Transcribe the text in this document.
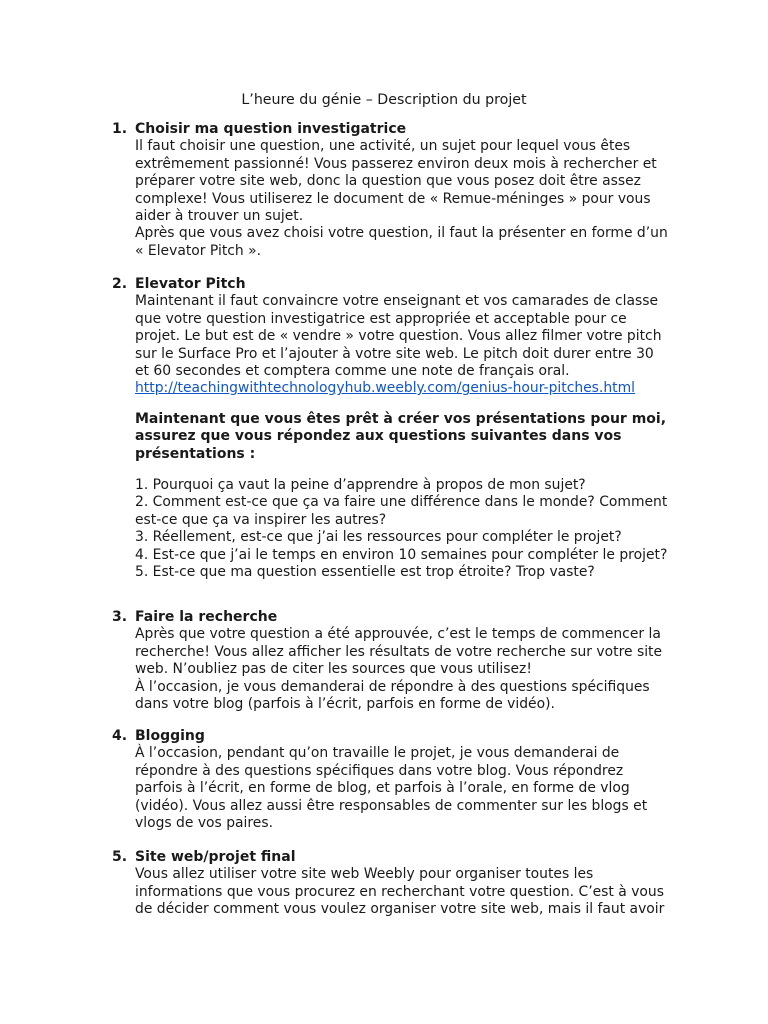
L’heure du génie – Description du projet
1. Choisir ma question investigatrice
Il faut choisir une question, une activité, un sujet pour lequel vous êtes extrêmement passionné! Vous passerez environ deux mois à rechercher et préparer votre site web, donc la question que vous posez doit être assez complexe! Vous utiliserez le document de « Remue-méninges » pour vous aider à trouver un sujet.
Après que vous avez choisi votre question, il faut la présenter en forme d’un « Elevator Pitch ».
2. Elevator Pitch
Maintenant il faut convaincre votre enseignant et vos camarades de classe que votre question investigatrice est appropriée et acceptable pour ce projet. Le but est de « vendre » votre question. Vous allez filmer votre pitch sur le Surface Pro et l’ajouter à votre site web. Le pitch doit durer entre 30 et 60 secondes et comptera comme une note de français oral.
http://teachingwithtechnologyhub.weebly.com/genius-hour-pitches.html
Maintenant que vous êtes prêt à créer vos présentations pour moi, assurez que vous répondez aux questions suivantes dans vos présentations :
1. Pourquoi ça vaut la peine d’apprendre à propos de mon sujet?
2. Comment est-ce que ça va faire une différence dans le monde? Comment est-ce que ça va inspirer les autres?
3. Réellement, est-ce que j’ai les ressources pour compléter le projet?
4. Est-ce que j’ai le temps en environ 10 semaines pour compléter le projet?
5. Est-ce que ma question essentielle est trop étroite? Trop vaste?
3. Faire la recherche
Après que votre question a été approuvée, c’est le temps de commencer la recherche! Vous allez afficher les résultats de votre recherche sur votre site web. N’oubliez pas de citer les sources que vous utilisez!
À l’occasion, je vous demanderai de répondre à des questions spécifiques dans votre blog (parfois à l’écrit, parfois en forme de vidéo).
4. Blogging
À l’occasion, pendant qu’on travaille le projet, je vous demanderai de répondre à des questions spécifiques dans votre blog. Vous répondrez parfois à l’écrit, en forme de blog, et parfois à l’orale, en forme de vlog (vidéo). Vous allez aussi être responsables de commenter sur les blogs et vlogs de vos paires.
5. Site web/projet final
Vous allez utiliser votre site web Weebly pour organiser toutes les informations que vous procurez en recherchant votre question. C’est à vous de décider comment vous voulez organiser votre site web, mais il faut avoir
